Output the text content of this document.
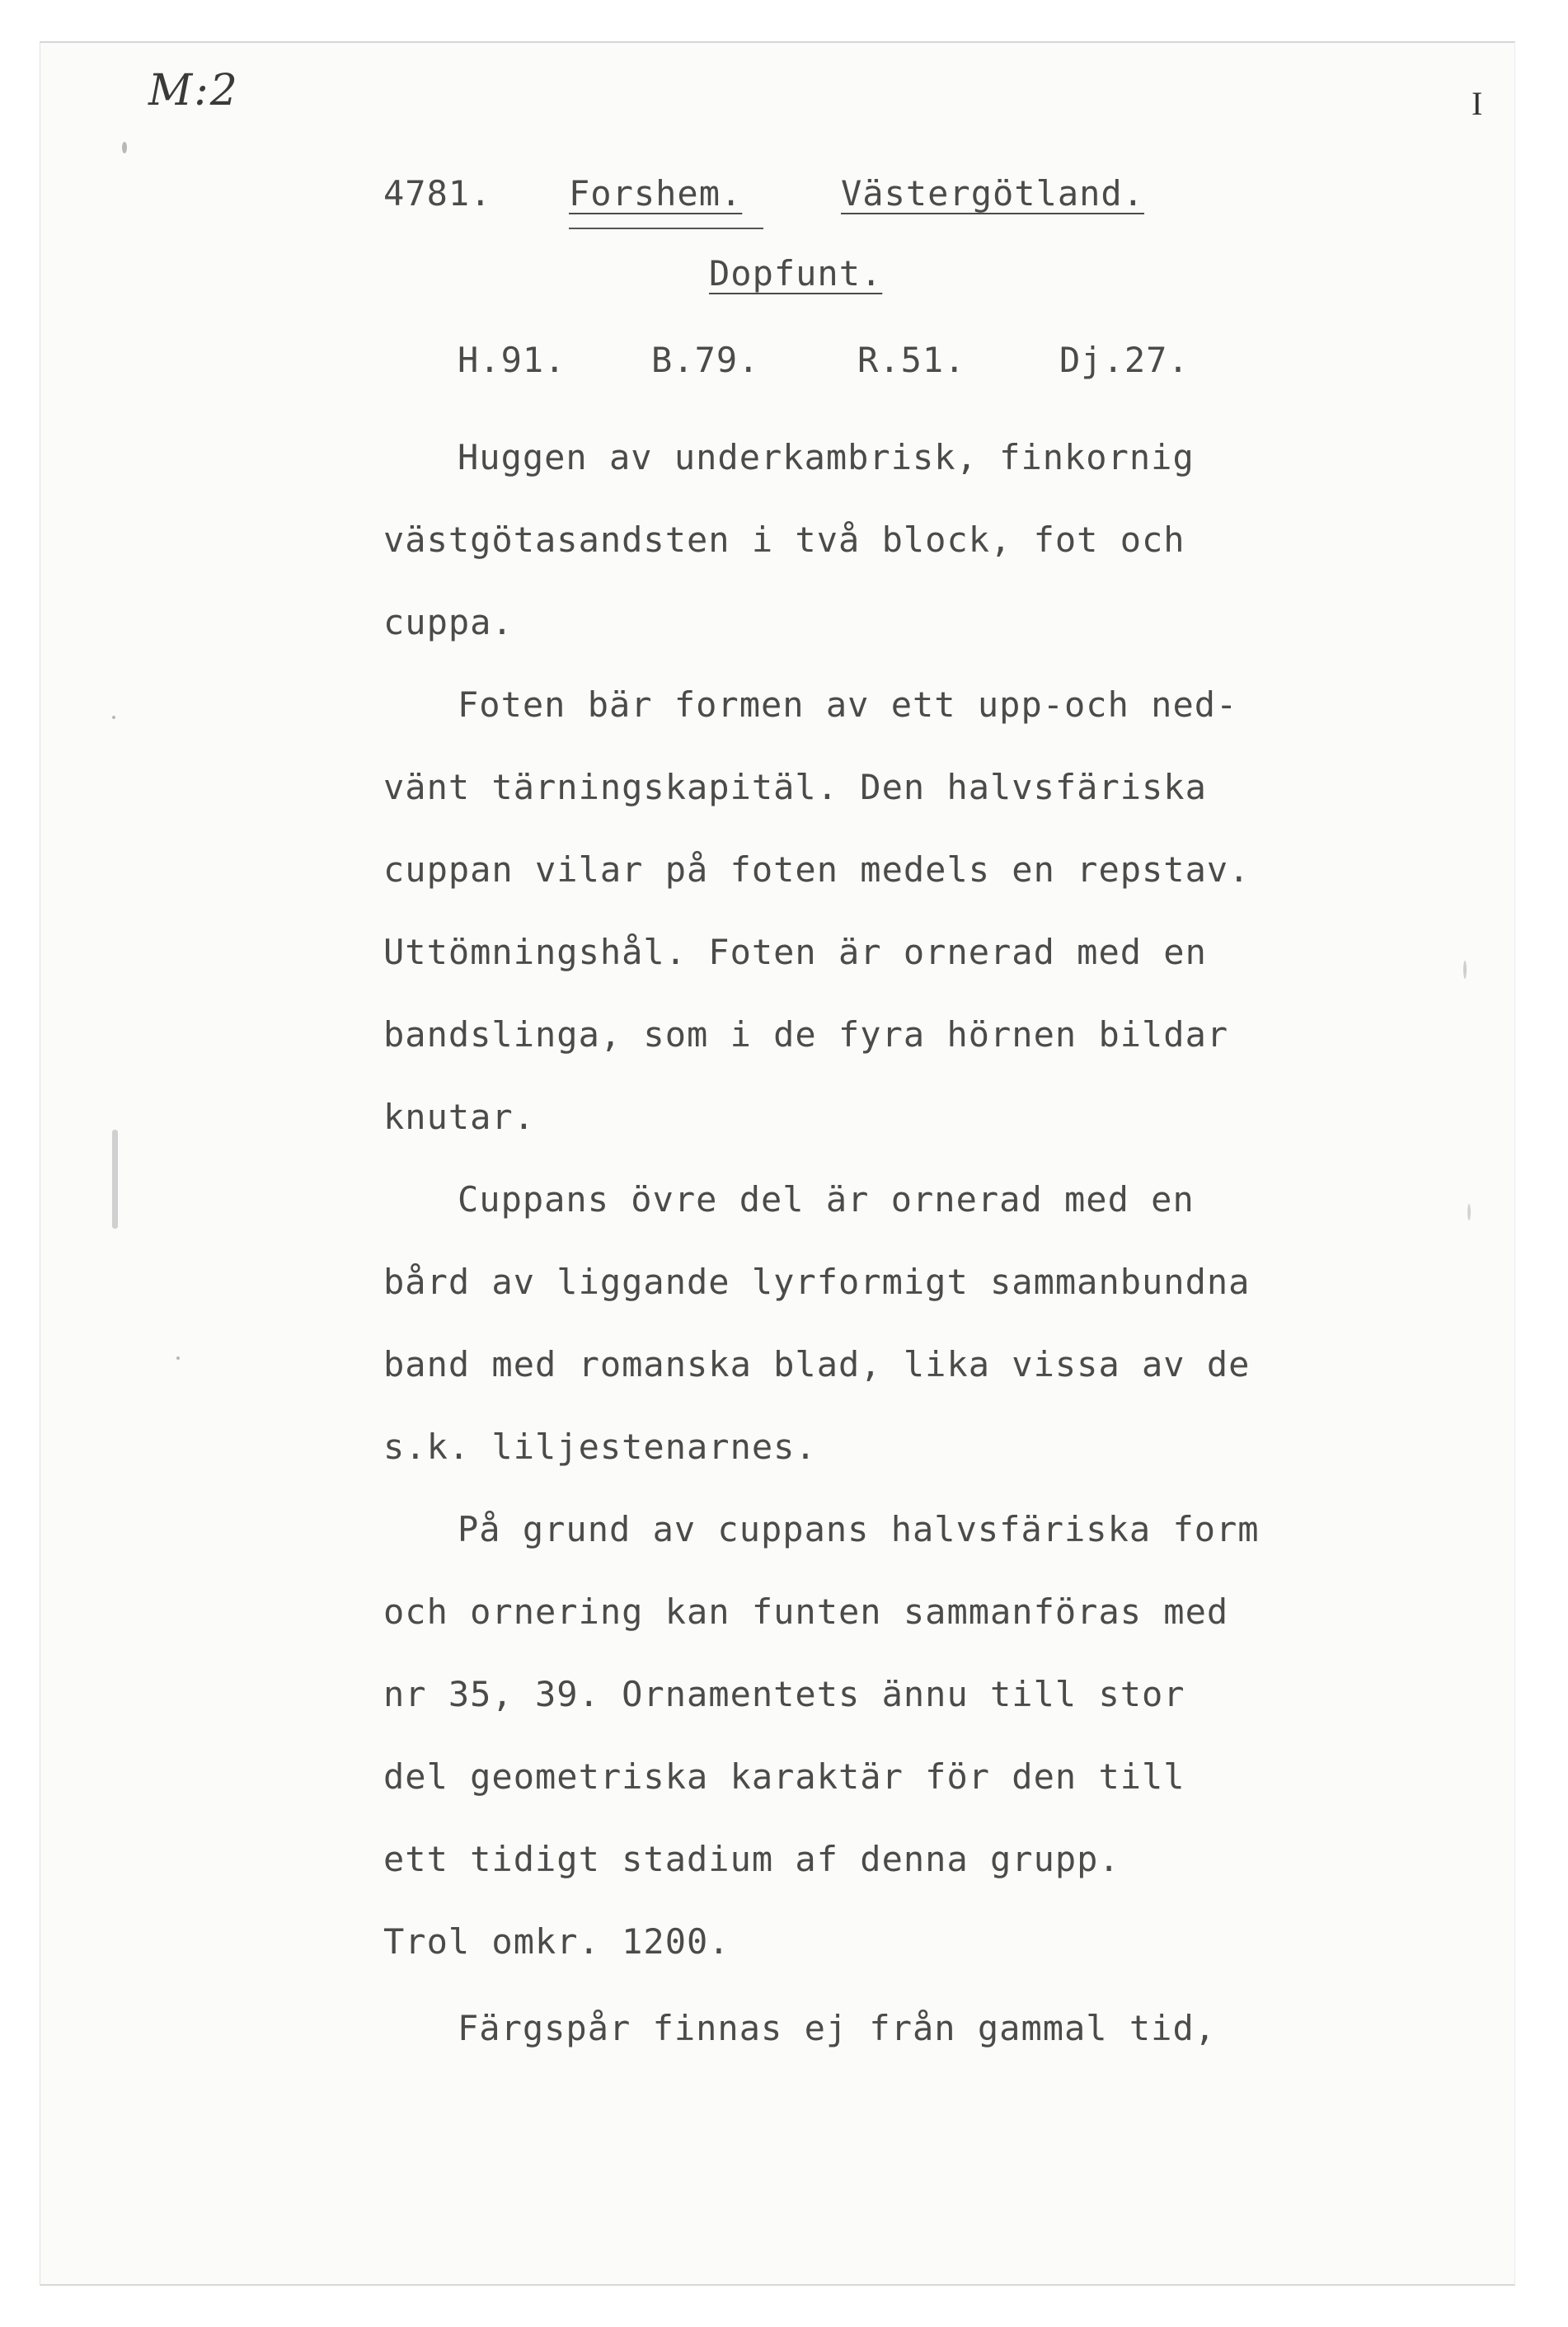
M:2	I
4781. Forshem.	Västergötland.
Dopfunt.
H.91. B.79.	R.51.	Dj.27.
Huggen av underkambrisk, finkornig
västgötasandsten i två block, fot och
cuppa.
Foten bär formen av ett upp-och ned-
vänt tärningskapitäl. Den halvsfäriska
cuppan vilar på foten medels en repstav.
Uttömningshål. Foten är ornerad med en
bandslinga, som i de fyra hörnen bildar
knutar.
Cuppans övre del är ornerad med en
bård av liggande lyrformigt sammanbundna
band med romanska blad, lika vissa av de
s.k. liljestenarnes.
På grund av cuppans halvsfäriska form
och ornering kan funten sammanföras med
nr 35, 39. Ornamentets ännu till stor
del geometriska karaktär för den till
ett tidigt stadium af denna grupp.
Trol omkr. 1200.
Färgspår finnas ej från gammal tid,
